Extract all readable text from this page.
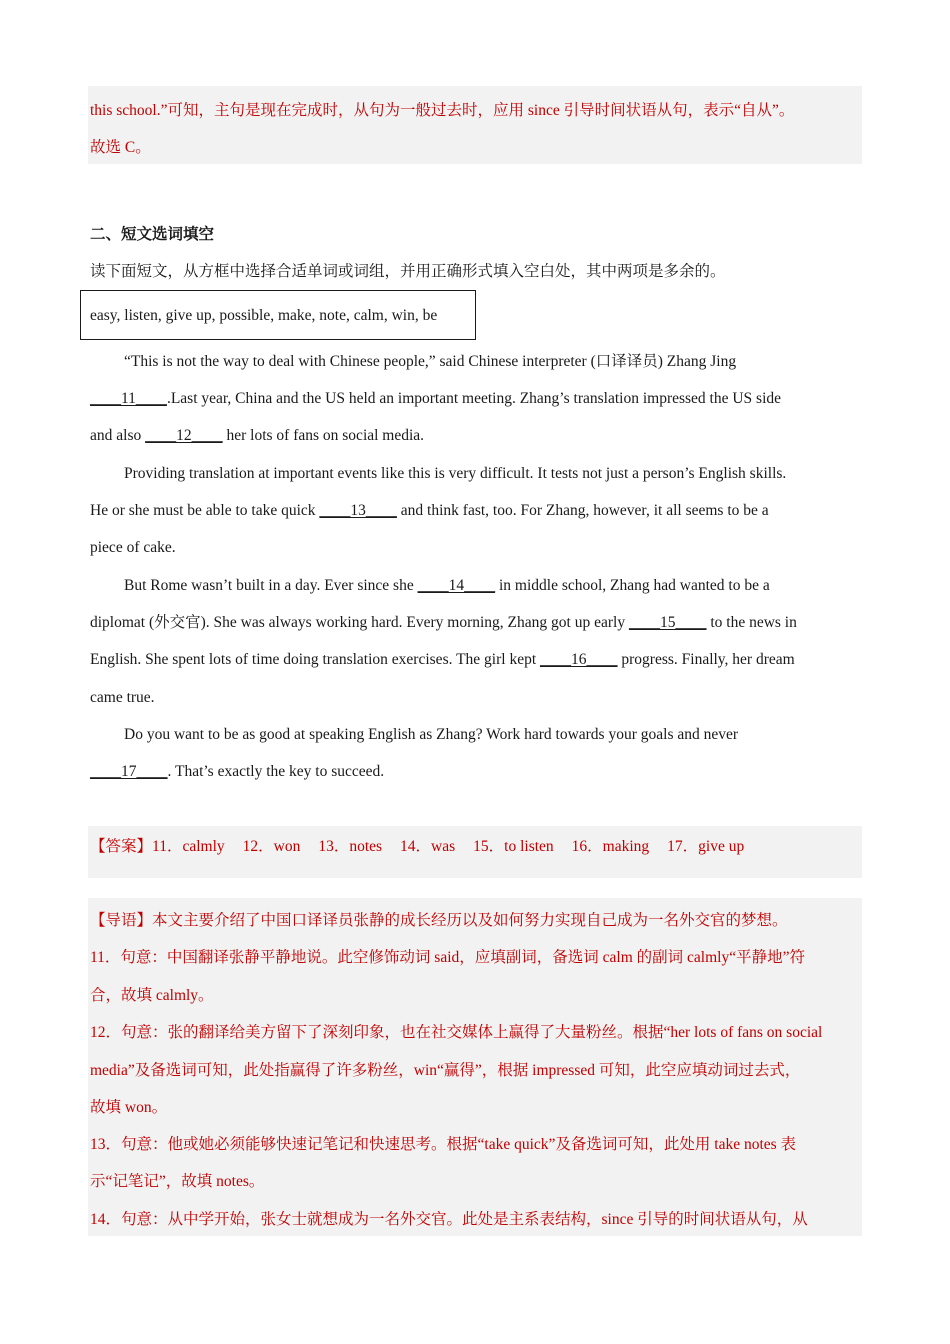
this school.”可知，主句是现在完成时，从句为一般过去时，应用 since 引导时间状语从句，表示“自从”。
故选 C。
二、短文选词填空
读下面短文，从方框中选择合适单词或词组，并用正确形式填入空白处，其中两项是多余的。
easy, listen, give up, possible, make, note, calm, win, be
“This is not the way to deal with Chinese people,” said Chinese interpreter (口译译员) Zhang Jing
____11____.Last year, China and the US held an important meeting. Zhang’s translation impressed the US side
and also ____12____ her lots of fans on social media.
Providing translation at important events like this is very difficult. It tests not just a person’s English skills.
He or she must be able to take quick ____13____ and think fast, too. For Zhang, however, it all seems to be a
piece of cake.
But Rome wasn’t built in a day. Ever since she ____14____ in middle school, Zhang had wanted to be a
diplomat (外交官). She was always working hard. Every morning, Zhang got up early ____15____ to the news in
English. She spent lots of time doing translation exercises. The girl kept ____16____ progress. Finally, her dream
came true.
Do you want to be as good at speaking English as Zhang? Work hard towards your goals and never
____17____. That’s exactly the key to succeed.
【答案】11．calmly 12．won 13．notes 14．was 15．to listen 16．making 17．give up
【导语】本文主要介绍了中国口译译员张静的成长经历以及如何努力实现自己成为一名外交官的梦想。
11．句意：中国翻译张静平静地说。此空修饰动词 said，应填副词，备选词 calm 的副词 calmly“平静地”符
合，故填 calmly。
12．句意：张的翻译给美方留下了深刻印象，也在社交媒体上赢得了大量粉丝。根据“her lots of fans on social
media”及备选词可知，此处指赢得了许多粉丝，win“赢得”，根据 impressed 可知，此空应填动词过去式，
故填 won。
13．句意：他或她必须能够快速记笔记和快速思考。根据“take quick”及备选词可知，此处用 take notes 表
示“记笔记”，故填 notes。
14．句意：从中学开始，张女士就想成为一名外交官。此处是主系表结构，since 引导的时间状语从句，从
